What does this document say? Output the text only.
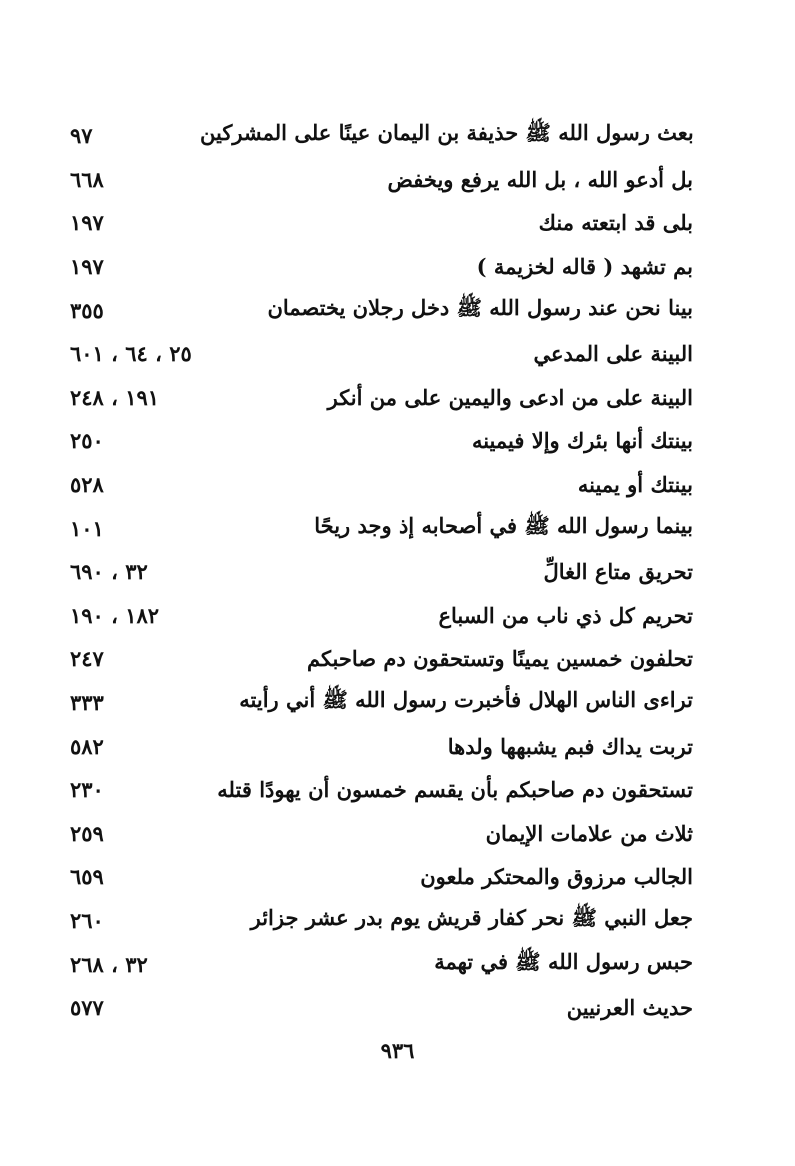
٩٧	بعث رسول الله ﷺ حذيفة بن اليمان عينًا على المشركين
٦٦٨	بل أدعو الله ، بل الله يرفع ويخفض
١٩٧	بلى قد ابتعته منك
١٩٧	بم تشهد ( قاله لخزيمة )
٣٥٥	بينا نحن عند رسول الله ﷺ دخل رجلان يختصمان
٢٥ ، ٦٤ ، ٦٠١	البينة على المدعي
١٩١ ، ٢٤٨	البينة على من ادعى واليمين على من أنكر
٢٥٠	بينتك أنها بئرك وإلا فيمينه
٥٢٨	بينتك أو يمينه
١٠١	بينما رسول الله ﷺ في أصحابه إذ وجد ريحًا
٣٢ ، ٦٩٠	تحريق متاع الغالِّ
١٨٢ ، ١٩٠	تحريم كل ذي ناب من السباع
٢٤٧	تحلفون خمسين يمينًا وتستحقون دم صاحبكم
٣٣٣	تراءى الناس الهلال فأخبرت رسول الله ﷺ أني رأيته
٥٨٢	تربت يداك فبم يشبهها ولدها
٢٣٠	تستحقون دم صاحبكم بأن يقسم خمسون أن يهودًا قتله
٢٥٩	ثلاث من علامات الإيمان
٦٥٩	الجالب مرزوق والمحتكر ملعون
٢٦٠	جعل النبي ﷺ نحر كفار قريش يوم بدر عشر جزائر
٣٢ ، ٢٦٨	حبس رسول الله ﷺ في تهمة
٥٧٧	حديث العرنيين
٩٣٦
